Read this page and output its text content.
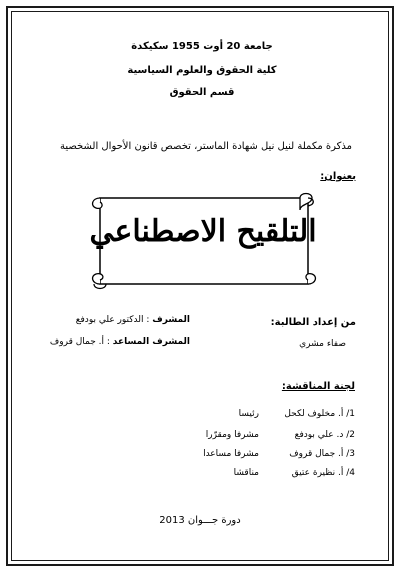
جامعة 20 أوت 1955 سكيكدة
كلية الحقوق والعلوم السياسية
قسم الحقوق
مذكرة مكملة لنيل نيل شهادة الماستر، تخصص قانون الأحوال الشخصية
بعنوان:
التلقيح الاصطناعي
من إعداد الطالبة:
صفاء مشري
المشرف : الدكتور علي بودفع
المشرف المساعد : أ. جمال قروف
لجنة المناقشة:
1/ أ. مخلوف لكحل
رئيسا
2/ د. علي بودفع
مشرفا ومقرّرا
3/ أ. جمال قروف
مشرفا مساعدا
4/ أ. نظيرة عتيق
مناقشا
دورة جـــوان 2013
